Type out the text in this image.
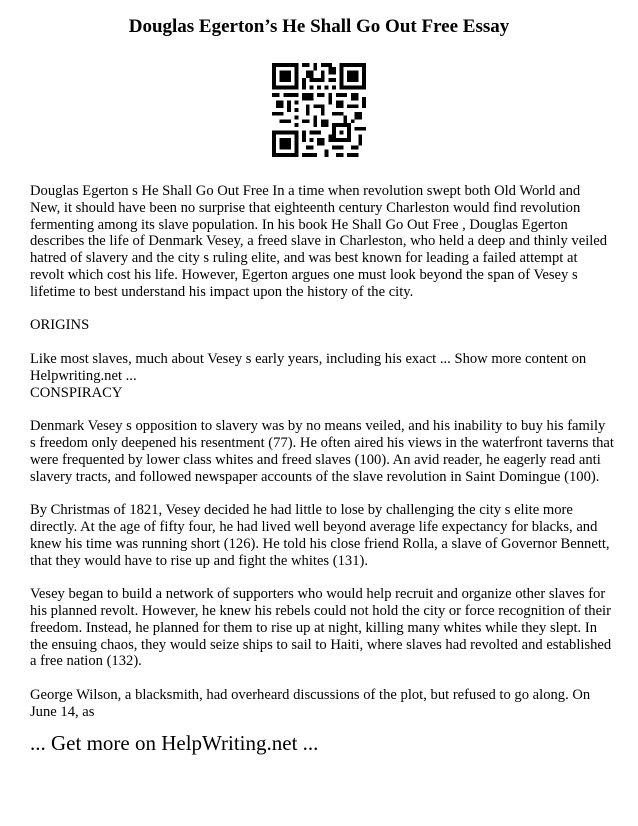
Douglas Egerton’s He Shall Go Out Free Essay

Douglas Egerton s He Shall Go Out Free In a time when revolution swept both Old World and New, it should have been no surprise that eighteenth century Charleston would find revolution fermenting among its slave population. In his book He Shall Go Out Free , Douglas Egerton describes the life of Denmark Vesey, a freed slave in Charleston, who held a deep and thinly veiled hatred of slavery and the city s ruling elite, and was best known for leading a failed attempt at revolt which cost his life. However, Egerton argues one must look beyond the span of Vesey s lifetime to best understand his impact upon the history of the city.

ORIGINS

Like most slaves, much about Vesey s early years, including his exact ... Show more content on Helpwriting.net ...

CONSPIRACY

Denmark Vesey s opposition to slavery was by no means veiled, and his inability to buy his family s freedom only deepened his resentment (77). He often aired his views in the waterfront taverns that were frequented by lower class whites and freed slaves (100). An avid reader, he eagerly read anti slavery tracts, and followed newspaper accounts of the slave revolution in Saint Domingue (100).

By Christmas of 1821, Vesey decided he had little to lose by challenging the city s elite more directly. At the age of fifty four, he had lived well beyond average life expectancy for blacks, and knew his time was running short (126). He told his close friend Rolla, a slave of Governor Bennett, that they would have to rise up and fight the whites (131).

Vesey began to build a network of supporters who would help recruit and organize other slaves for his planned revolt. However, he knew his rebels could not hold the city or force recognition of their freedom. Instead, he planned for them to rise up at night, killing many whites while they slept. In the ensuing chaos, they would seize ships to sail to Haiti, where slaves had revolted and established a free nation (132).

George Wilson, a blacksmith, had overheard discussions of the plot, but refused to go along. On June 14, as

... Get more on HelpWriting.net ...
